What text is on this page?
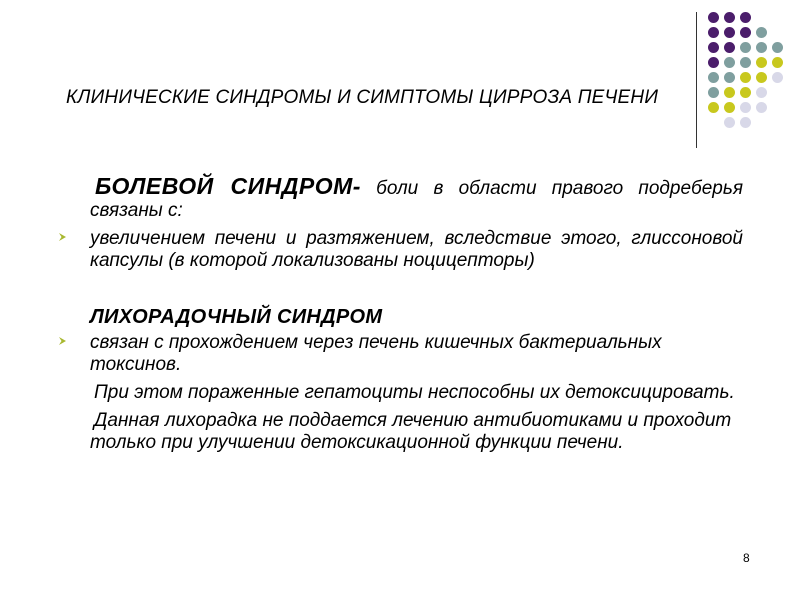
КЛИНИЧЕСКИЕ СИНДРОМЫ И СИМПТОМЫ ЦИРРОЗА ПЕЧЕНИ

БОЛЕВОЙ СИНДРОМ- боли в области правого подреберья связаны с:

увеличением печени и разтяжением, вследствие этого, глиссоновой капсулы (в которой локализованы ноцицепторы)

ЛИХОРАДОЧНЫЙ СИНДРОМ

связан с прохождением через печень кишечных бактериальных токсинов.

При этом пораженные гепатоциты неспособны их детоксицировать.

Данная лихорадка не поддается лечению антибиотиками и проходит только при улучшении детоксикационной функции печени.

8
